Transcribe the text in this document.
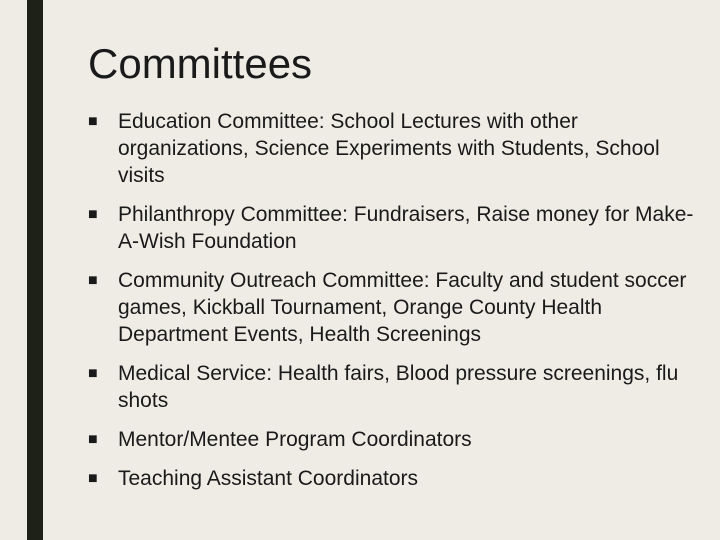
Committees
■ Education Committee: School Lectures with other organizations, Science Experiments with Students, School visits
■ Philanthropy Committee: Fundraisers, Raise money for Make-A-Wish Foundation
■ Community Outreach Committee: Faculty and student soccer games, Kickball Tournament, Orange County Health Department Events, Health Screenings
■ Medical Service: Health fairs, Blood pressure screenings, flu shots
■ Mentor/Mentee Program Coordinators
■ Teaching Assistant Coordinators
